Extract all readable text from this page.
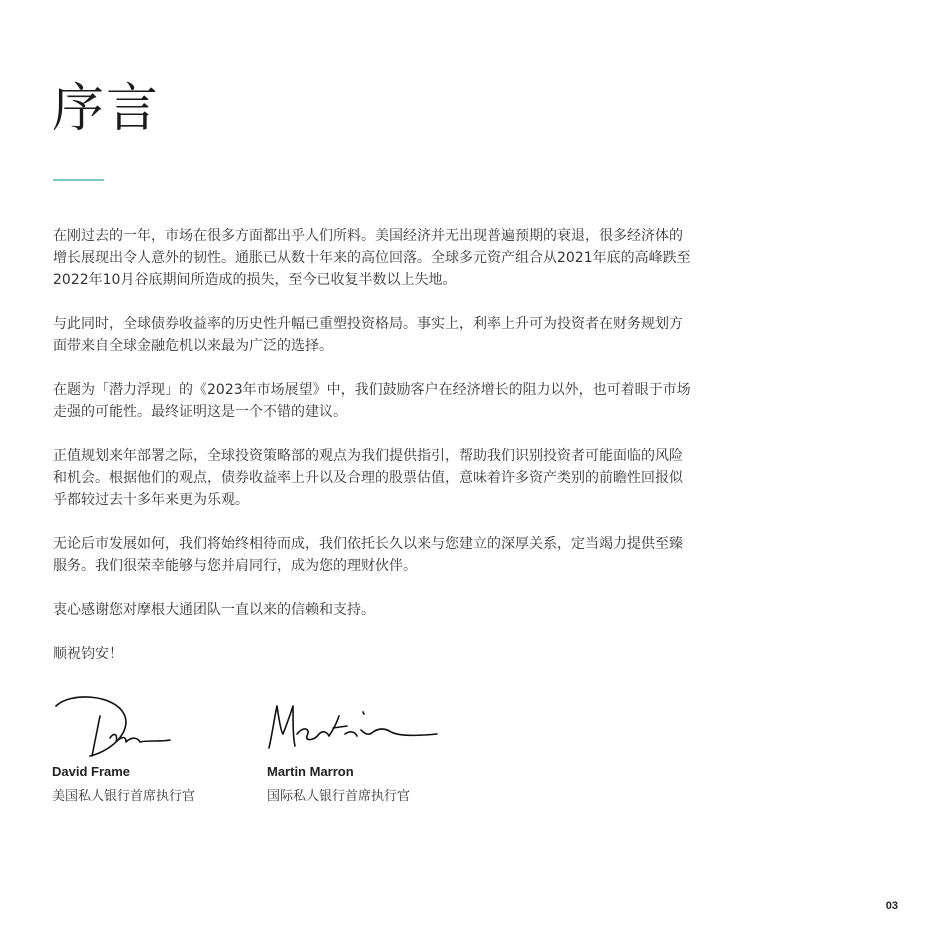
序言

在刚过去的一年，市场在很多方面都出乎人们所料。美国经济并无出现普遍预期的衰退，很多经济体的增长展现出令人意外的韧性。通胀已从数十年来的高位回落。全球多元资产组合从2021年底的高峰跌至2022年10月谷底期间所造成的损失，至今已收复半数以上失地。

与此同时，全球债券收益率的历史性升幅已重塑投资格局。事实上，利率上升可为投资者在财务规划方面带来自全球金融危机以来最为广泛的选择。

在题为「潜力浮现」的《2023年市场展望》中，我们鼓励客户在经济增长的阻力以外，也可着眼于市场走强的可能性。最终证明这是一个不错的建议。

正值规划来年部署之际，全球投资策略部的观点为我们提供指引，帮助我们识别投资者可能面临的风险和机会。根据他们的观点，债券收益率上升以及合理的股票估值，意味着许多资产类别的前瞻性回报似乎都较过去十多年来更为乐观。

无论后市发展如何，我们将始终相待而成，我们依托长久以来与您建立的深厚关系，定当竭力提供至臻服务。我们很荣幸能够与您并肩同行，成为您的理财伙伴。

衷心感谢您对摩根大通团队一直以来的信赖和支持。

顺祝钧安！

David Frame
美国私人银行首席执行官
Martin Marron
国际私人银行首席执行官
03
